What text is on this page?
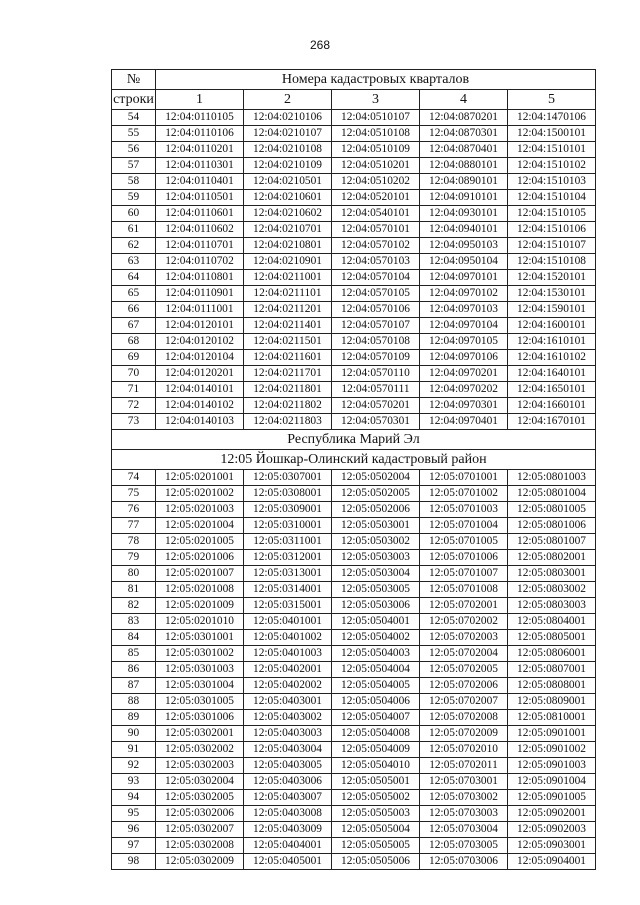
268
№	Номера кадастровых кварталов				
строки	1	2	3	4	5
54	12:04:0110105	12:04:0210106	12:04:0510107	12:04:0870201	12:04:1470106
55	12:04:0110106	12:04:0210107	12:04:0510108	12:04:0870301	12:04:1500101
56	12:04:0110201	12:04:0210108	12:04:0510109	12:04:0870401	12:04:1510101
57	12:04:0110301	12:04:0210109	12:04:0510201	12:04:0880101	12:04:1510102
58	12:04:0110401	12:04:0210501	12:04:0510202	12:04:0890101	12:04:1510103
59	12:04:0110501	12:04:0210601	12:04:0520101	12:04:0910101	12:04:1510104
60	12:04:0110601	12:04:0210602	12:04:0540101	12:04:0930101	12:04:1510105
61	12:04:0110602	12:04:0210701	12:04:0570101	12:04:0940101	12:04:1510106
62	12:04:0110701	12:04:0210801	12:04:0570102	12:04:0950103	12:04:1510107
63	12:04:0110702	12:04:0210901	12:04:0570103	12:04:0950104	12:04:1510108
64	12:04:0110801	12:04:0211001	12:04:0570104	12:04:0970101	12:04:1520101
65	12:04:0110901	12:04:0211101	12:04:0570105	12:04:0970102	12:04:1530101
66	12:04:0111001	12:04:0211201	12:04:0570106	12:04:0970103	12:04:1590101
67	12:04:0120101	12:04:0211401	12:04:0570107	12:04:0970104	12:04:1600101
68	12:04:0120102	12:04:0211501	12:04:0570108	12:04:0970105	12:04:1610101
69	12:04:0120104	12:04:0211601	12:04:0570109	12:04:0970106	12:04:1610102
70	12:04:0120201	12:04:0211701	12:04:0570110	12:04:0970201	12:04:1640101
71	12:04:0140101	12:04:0211801	12:04:0570111	12:04:0970202	12:04:1650101
72	12:04:0140102	12:04:0211802	12:04:0570201	12:04:0970301	12:04:1660101
73	12:04:0140103	12:04:0211803	12:04:0570301	12:04:0970401	12:04:1670101
Республика Марий Эл					
12:05 Йошкар-Олинский кадастровый район					
74	12:05:0201001	12:05:0307001	12:05:0502004	12:05:0701001	12:05:0801003
75	12:05:0201002	12:05:0308001	12:05:0502005	12:05:0701002	12:05:0801004
76	12:05:0201003	12:05:0309001	12:05:0502006	12:05:0701003	12:05:0801005
77	12:05:0201004	12:05:0310001	12:05:0503001	12:05:0701004	12:05:0801006
78	12:05:0201005	12:05:0311001	12:05:0503002	12:05:0701005	12:05:0801007
79	12:05:0201006	12:05:0312001	12:05:0503003	12:05:0701006	12:05:0802001
80	12:05:0201007	12:05:0313001	12:05:0503004	12:05:0701007	12:05:0803001
81	12:05:0201008	12:05:0314001	12:05:0503005	12:05:0701008	12:05:0803002
82	12:05:0201009	12:05:0315001	12:05:0503006	12:05:0702001	12:05:0803003
83	12:05:0201010	12:05:0401001	12:05:0504001	12:05:0702002	12:05:0804001
84	12:05:0301001	12:05:0401002	12:05:0504002	12:05:0702003	12:05:0805001
85	12:05:0301002	12:05:0401003	12:05:0504003	12:05:0702004	12:05:0806001
86	12:05:0301003	12:05:0402001	12:05:0504004	12:05:0702005	12:05:0807001
87	12:05:0301004	12:05:0402002	12:05:0504005	12:05:0702006	12:05:0808001
88	12:05:0301005	12:05:0403001	12:05:0504006	12:05:0702007	12:05:0809001
89	12:05:0301006	12:05:0403002	12:05:0504007	12:05:0702008	12:05:0810001
90	12:05:0302001	12:05:0403003	12:05:0504008	12:05:0702009	12:05:0901001
91	12:05:0302002	12:05:0403004	12:05:0504009	12:05:0702010	12:05:0901002
92	12:05:0302003	12:05:0403005	12:05:0504010	12:05:0702011	12:05:0901003
93	12:05:0302004	12:05:0403006	12:05:0505001	12:05:0703001	12:05:0901004
94	12:05:0302005	12:05:0403007	12:05:0505002	12:05:0703002	12:05:0901005
95	12:05:0302006	12:05:0403008	12:05:0505003	12:05:0703003	12:05:0902001
96	12:05:0302007	12:05:0403009	12:05:0505004	12:05:0703004	12:05:0902003
97	12:05:0302008	12:05:0404001	12:05:0505005	12:05:0703005	12:05:0903001
98	12:05:0302009	12:05:0405001	12:05:0505006	12:05:0703006	12:05:0904001
